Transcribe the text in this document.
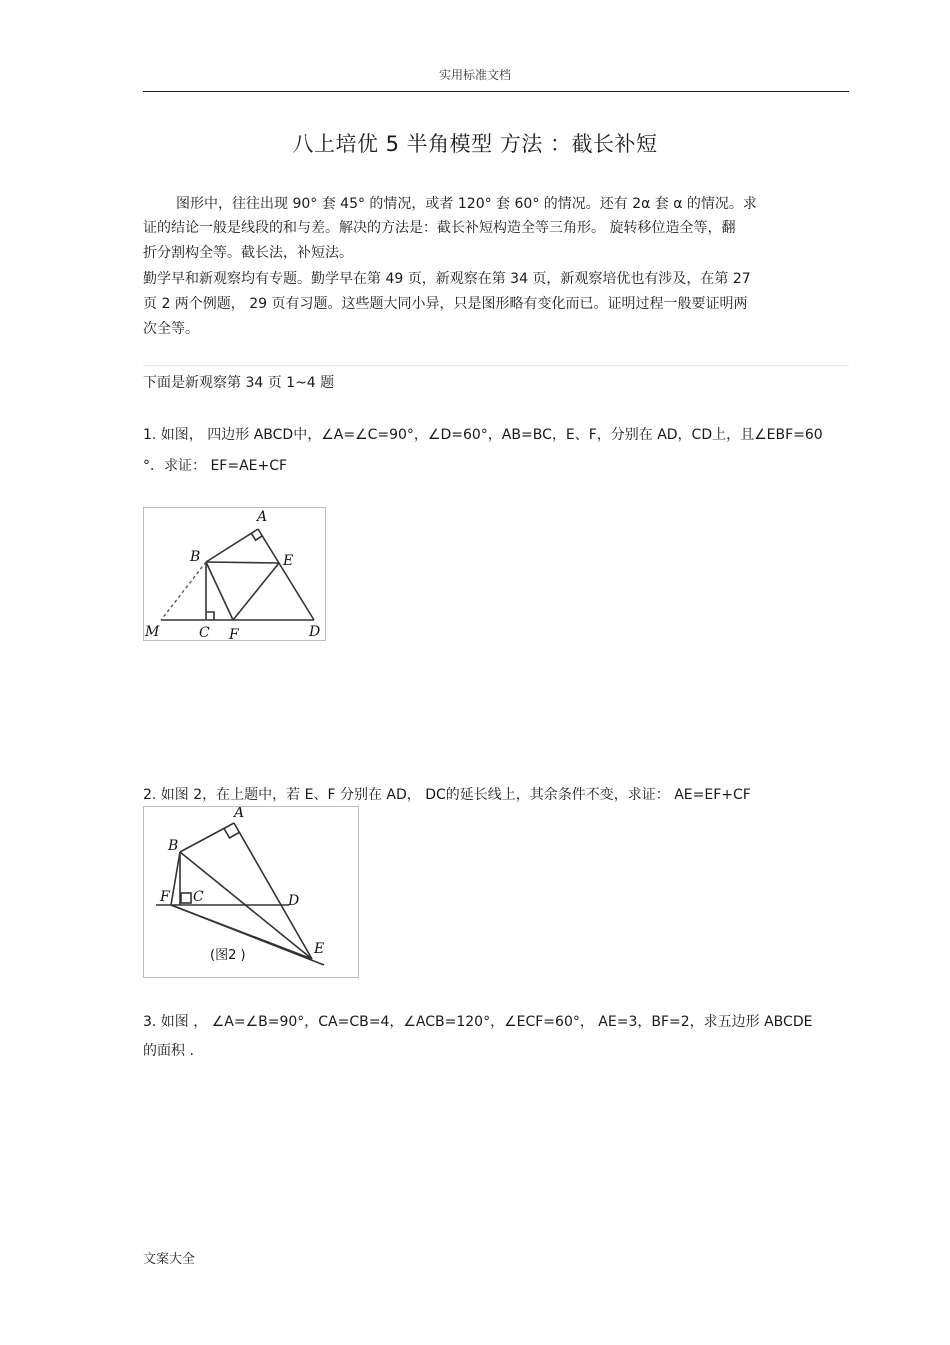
实用标准文档
八上培优 5 半角模型 方法 ：截长补短
图形中，往往出现 90° 套 45° 的情况，或者 120° 套 60° 的情况。还有 2α 套 α 的情况。求
证的结论一般是线段的和与差。解决的方法是：截长补短构造全等三角形。 旋转移位造全等，翻
折分割构全等。截长法，补短法。
勤学早和新观察均有专题。勤学早在第 49 页，新观察在第 34 页，新观察培优也有涉及，在第 27
页 2 两个例题， 29 页有习题。这些题大同小异，只是图形略有变化而已。证明过程一般要证明两
次全等。
下面是新观察第 34 页 1~4 题
1. 如图， 四边形 ABCD中，∠A=∠C=90°，∠D=60°，AB=BC，E、F，分别在 AD，CD上，且∠EBF=60
°．求证： EF=AE+CF
A
B	E
M	C F	D
2. 如图 2，在上题中，若 E、F 分别在 AD， DC的延长线上，其余条件不变，求证： AE=EF+CF
A
B
F C	D
E
(图2 )
3. 如图 ， ∠A=∠B=90°，CA=CB=4，∠ACB=120°，∠ECF=60°， AE=3，BF=2，求五边形 ABCDE
的面积 .
文案大全
